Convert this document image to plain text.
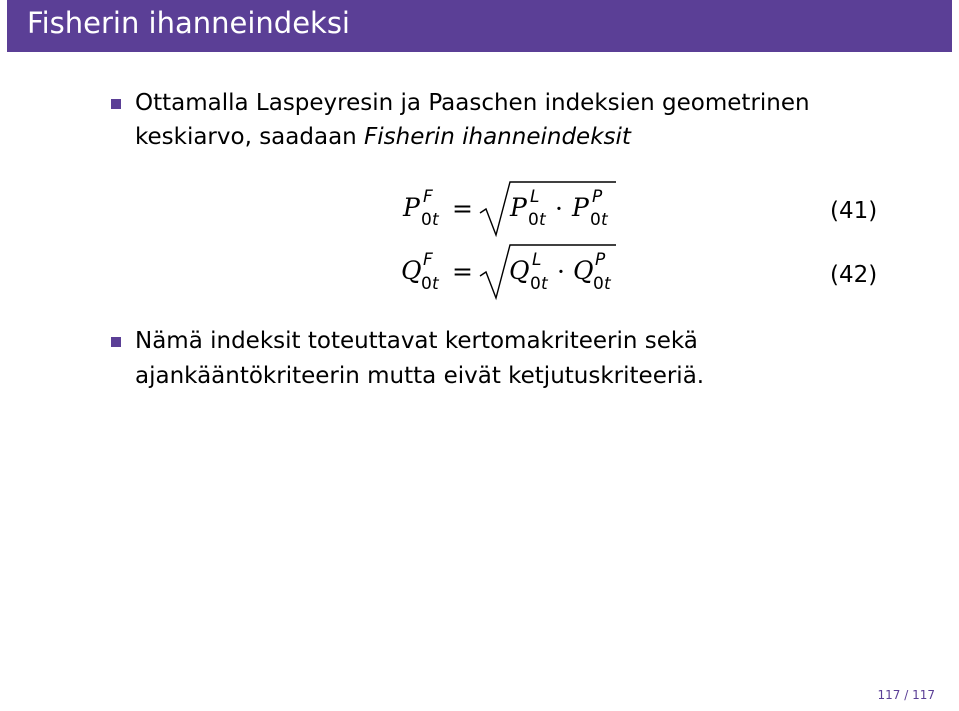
Fisherin ihanneindeksi
Ottamalla Laspeyresin ja Paaschen indeksien geometrinen
keskiarvo, saadaan Fisherin ihanneindeksit
P F
0 t = P L
0 t · P P
0 t	(41)
Q F
0 t = Q L
0 t · Q P
0 t	(42)
Nämä indeksit toteuttavat kertomakriteerin sekä
ajankääntökriteerin mutta eivät ketjutuskriteeriä.
117 / 117
